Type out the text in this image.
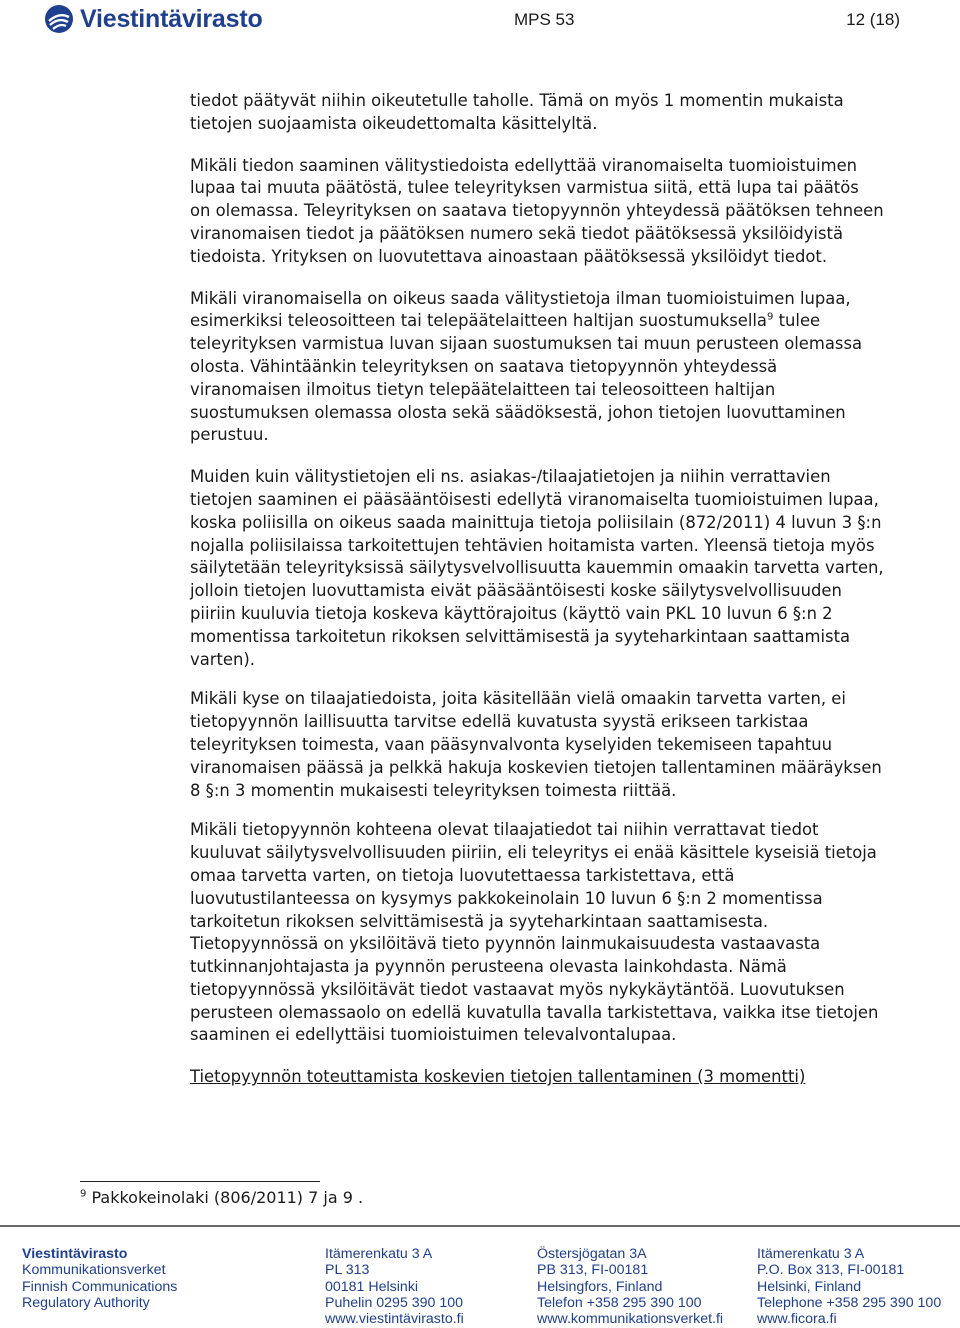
Viestintävirasto	MPS 53	12 (18)

tiedot päätyvät niihin oikeutetulle taholle. Tämä on myös 1 momentin mukaista tietojen suojaamista oikeudettomalta käsittelyltä.

Mikäli tiedon saaminen välitystiedoista edellyttää viranomaiselta tuomioistuimen lupaa tai muuta päätöstä, tulee teleyrityksen varmistua siitä, että lupa tai päätös on olemassa. Teleyrityksen on saatava tietopyynnön yhteydessä päätöksen tehneen viranomaisen tiedot ja päätöksen numero sekä tiedot päätöksessä yksilöidyistä tiedoista. Yrityksen on luovutettava ainoastaan päätöksessä yksilöidyt tiedot.

Mikäli viranomaisella on oikeus saada välitystietoja ilman tuomioistuimen lupaa, esimerkiksi teleosoitteen tai telepäätelaitteen haltijan suostumuksella$^9$ tulee teleyrityksen varmistua luvan sijaan suostumuksen tai muun perusteen olemassa olosta. Vähintäänkin teleyrityksen on saatava tietopyynnön yhteydessä viranomaisen ilmoitus tietyn telepäätelaitteen tai teleosoitteen haltijan suostumuksen olemassa olosta sekä säädöksestä, johon tietojen luovuttaminen perustuu.

Muiden kuin välitystietojen eli ns. asiakas-/tilaajatietojen ja niihin verrattavien tietojen saaminen ei pääsääntöisesti edellytä viranomaiselta tuomioistuimen lupaa, koska poliisilla on oikeus saada mainittuja tietoja poliisilain (872/2011) 4 luvun 3 §:n nojalla poliisilaissa tarkoitettujen tehtävien hoitamista varten. Yleensä tietoja myös säilytetään teleyrityksissä säilytysvelvollisuutta kauemmin omaakin tarvetta varten, jolloin tietojen luovuttamista eivät pääsääntöisesti koske säilytysvelvollisuuden piiriin kuuluvia tietoja koskeva käyttörajoitus (käyttö vain PKL 10 luvun 6 §:n 2 momentissa tarkoitetun rikoksen selvittämisestä ja syyteharkintaan saattamista varten).

Mikäli kyse on tilaajatiedoista, joita käsitellään vielä omaakin tarvetta varten, ei tietopyynnön laillisuutta tarvitse edellä kuvatusta syystä erikseen tarkistaa teleyrityksen toimesta, vaan pääsynvalvonta kyselyiden tekemiseen tapahtuu viranomaisen päässä ja pelkkä hakuja koskevien tietojen tallentaminen määräyksen 8 §:n 3 momentin mukaisesti teleyrityksen toimesta riittää.

Mikäli tietopyynnön kohteena olevat tilaajatiedot tai niihin verrattavat tiedot kuuluvat säilytysvelvollisuuden piiriin, eli teleyritys ei enää käsittele kyseisiä tietoja omaa tarvetta varten, on tietoja luovutettaessa tarkistettava, että luovutustilanteessa on kysymys pakkokeinolain 10 luvun 6 §:n 2 momentissa tarkoitetun rikoksen selvittämisestä ja syyteharkintaan saattamisesta. Tietopyynnössä on yksilöitävä tieto pyynnön lainmukaisuudesta vastaavasta tutkinnanjohtajasta ja pyynnön perusteena olevasta lainkohdasta. Nämä tietopyynnössä yksilöitävät tiedot vastaavat myös nykykäytäntöä. Luovutuksen perusteen olemassaolo on edellä kuvatulla tavalla tarkistettava, vaikka itse tietojen saaminen ei edellyttäisi tuomioistuimen televalvontalupaa.

Tietopyynnön toteuttamista koskevien tietojen tallentaminen (3 momentti)

$^9$ Pakkokeinolaki (806/2011) 7 ja 9 .
Viestintävirasto
Kommunikationsverket
Finnish Communications
Regulatory Authority
Itämerenkatu 3 A
PL 313
00181 Helsinki
Puhelin 0295 390 100
www.viestintävirasto.fi
Östersjögatan 3A
PB 313, FI-00181
Helsingfors, Finland
Telefon +358 295 390 100
www.kommunikationsverket.fi
Itämerenkatu 3 A
P.O. Box 313, FI-00181
Helsinki, Finland
Telephone +358 295 390 100
www.ficora.fi
